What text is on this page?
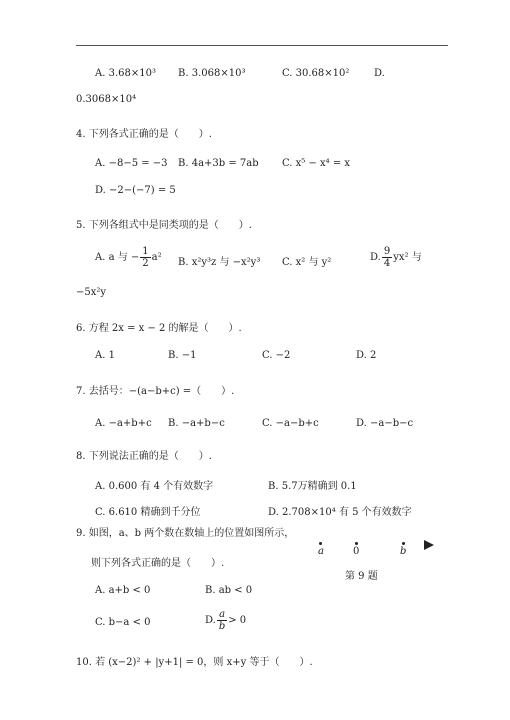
A. 3.68×10³ B. 3.068×10³	C. 30.68×10² D.
0.3068×10⁴
4. 下列各式正确的是（　　）.
A. −8−5 = −3 B. 4a+3b = 7ab C. x⁵ − x⁴ = x
D. −2−(−7) = 5
5. 下列各组式中是同类项的是（　　）.
A. a 与 − $\frac{1}{2} a^2$ B. x²y³z 与 −x²y³ C. x² 与 y²	D. $\frac{9}{4} yx^2$ 与
−5x²y
6. 方程 2x = x − 2 的解是（　　）.
A. 1	B. −1	C. −2	D. 2
7. 去括号：−(a−b+c) =（　　）.
A. −a+b+c B. −a+b−c	C. −a−b+c	D. −a−b−c
8. 下列说法正确的是（　　）.
A. 0.600 有 4 个有效数字	B. 5.7万精确到 0.1
C. 6.610 精确到千分位	D. 2.708×10⁴ 有 5 个有效数字
9. 如图，a、b 两个数在数轴上的位置如图所示，
则下列各式正确的是（　　）.
a	0	b
第 9 题
A. a+b < 0	B. ab < 0
C. b−a < 0	D. $\frac{a}{b} > 0$
10. 若 (x−2)² + |y+1| = 0，则 x+y 等于（　　）.
